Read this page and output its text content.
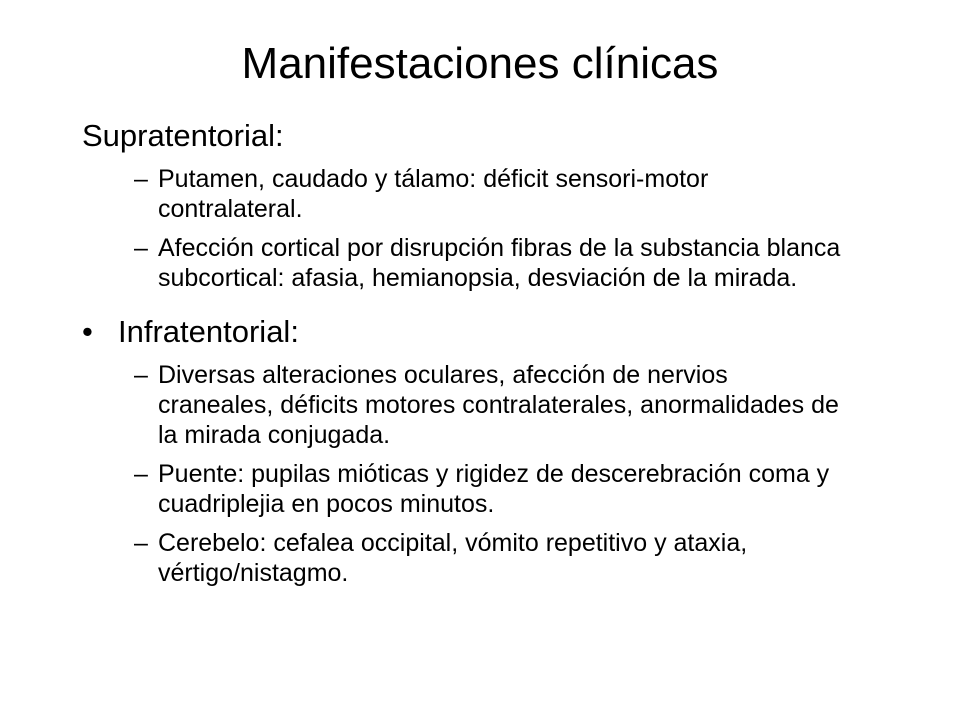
Manifestaciones clínicas
Supratentorial:
– Putamen, caudado y tálamo: déficit sensori-motor contralateral.
– Afección cortical por disrupción fibras de la substancia blanca subcortical: afasia, hemianopsia, desviación de la mirada.
• Infratentorial:
– Diversas alteraciones oculares, afección de nervios craneales, déficits motores contralaterales, anormalidades de la mirada conjugada.
– Puente: pupilas mióticas y rigidez de descerebración coma y cuadriplejia en pocos minutos.
– Cerebelo: cefalea occipital, vómito repetitivo y ataxia, vértigo/nistagmo.
